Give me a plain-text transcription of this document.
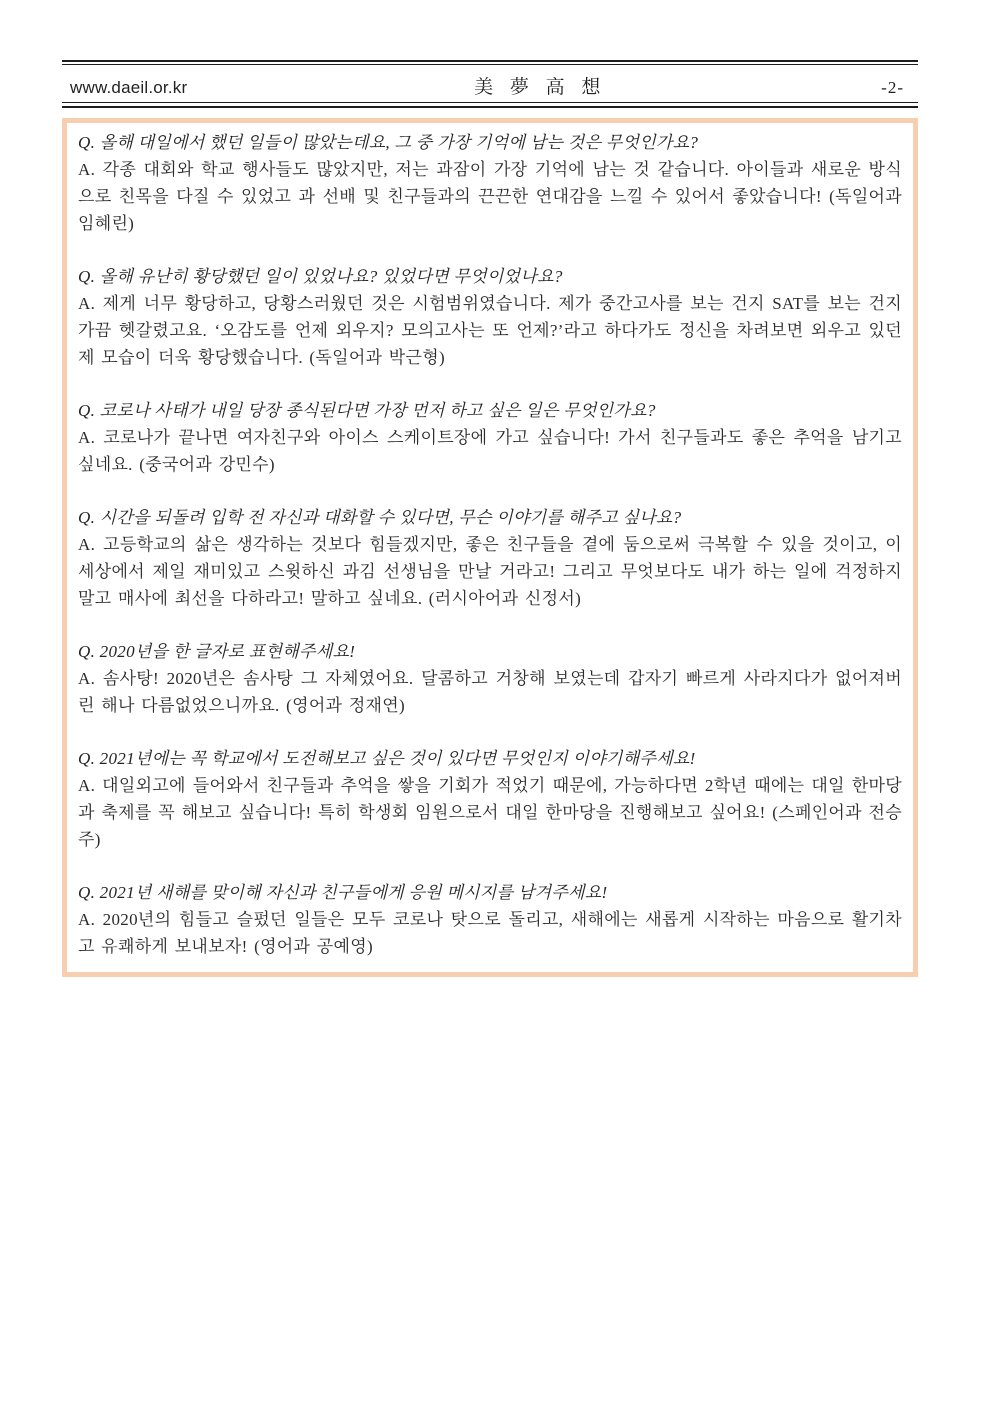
www.daeil.or.kr	美 夢 高 想	-2-

Q. 올해 대일에서 했던 일들이 많았는데요, 그 중 가장 기억에 남는 것은 무엇인가요?

A. 각종 대회와 학교 행사들도 많았지만, 저는 과잠이 가장 기억에 남는 것 같습니다. 아이들과 새로운 방식으로 친목을 다질 수 있었고 과 선배 및 친구들과의 끈끈한 연대감을 느낄 수 있어서 좋았습니다! (독일어과 임혜린)

Q. 올해 유난히 황당했던 일이 있었나요? 있었다면 무엇이었나요?

A. 제게 너무 황당하고, 당황스러웠던 것은 시험범위였습니다. 제가 중간고사를 보는 건지 SAT를 보는 건지 가끔 헷갈렸고요. ‘오감도를 언제 외우지? 모의고사는 또 언제?’라고 하다가도 정신을 차려보면 외우고 있던 제 모습이 더욱 황당했습니다. (독일어과 박근형)

Q. 코로나 사태가 내일 당장 종식된다면 가장 먼저 하고 싶은 일은 무엇인가요?

A. 코로나가 끝나면 여자친구와 아이스 스케이트장에 가고 싶습니다! 가서 친구들과도 좋은 추억을 남기고 싶네요. (중국어과 강민수)

Q. 시간을 되돌려 입학 전 자신과 대화할 수 있다면, 무슨 이야기를 해주고 싶나요?

A. 고등학교의 삶은 생각하는 것보다 힘들겠지만, 좋은 친구들을 곁에 둠으로써 극복할 수 있을 것이고, 이 세상에서 제일 재미있고 스윗하신 과김 선생님을 만날 거라고! 그리고 무엇보다도 내가 하는 일에 걱정하지 말고 매사에 최선을 다하라고! 말하고 싶네요. (러시아어과 신정서)

Q. 2020년을 한 글자로 표현해주세요!

A. 솜사탕! 2020년은 솜사탕 그 자체였어요. 달콤하고 거창해 보였는데 갑자기 빠르게 사라지다가 없어져버린 해나 다름없었으니까요. (영어과 정재연)

Q. 2021년에는 꼭 학교에서 도전해보고 싶은 것이 있다면 무엇인지 이야기해주세요!

A. 대일외고에 들어와서 친구들과 추억을 쌓을 기회가 적었기 때문에, 가능하다면 2학년 때에는 대일 한마당과 축제를 꼭 해보고 싶습니다! 특히 학생회 임원으로서 대일 한마당을 진행해보고 싶어요! (스페인어과 전승주)

Q. 2021년 새해를 맞이해 자신과 친구들에게 응원 메시지를 남겨주세요!

A. 2020년의 힘들고 슬펐던 일들은 모두 코로나 탓으로 돌리고, 새해에는 새롭게 시작하는 마음으로 활기차고 유쾌하게 보내보자! (영어과 공예영)
